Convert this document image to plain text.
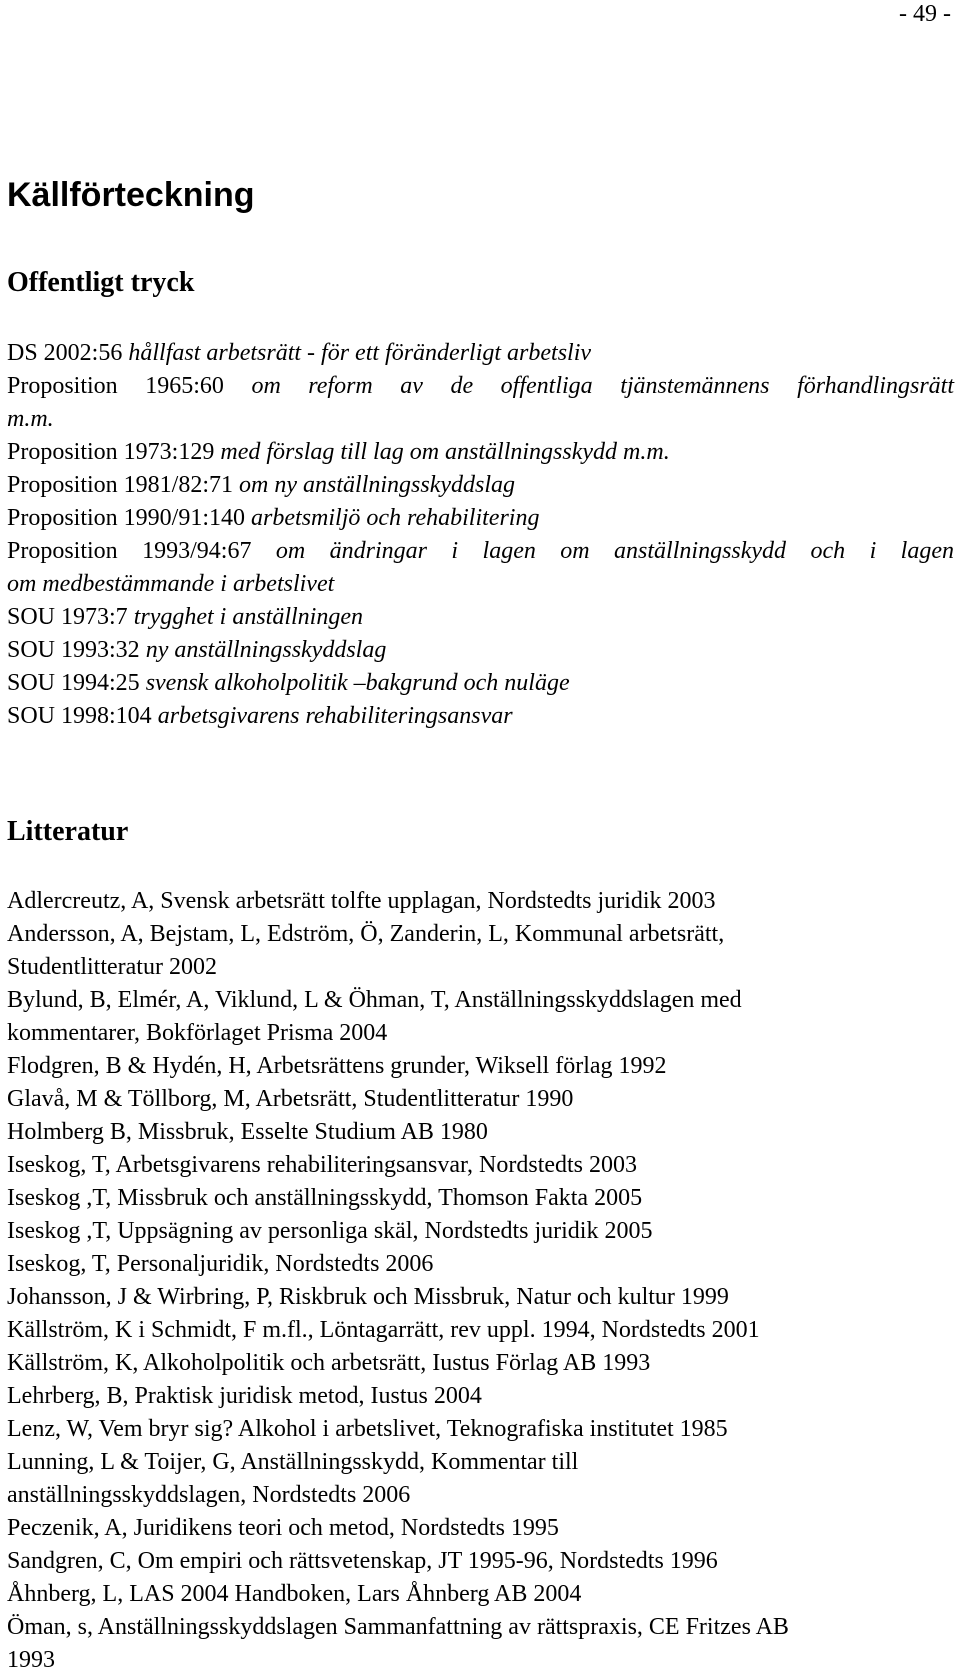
- 49 -
Källförteckning
Offentligt tryck
DS 2002:56 hållfast arbetsrätt - för ett föränderligt arbetsliv
Proposition 1965:60 om reform av de offentliga tjänstemännens förhandlingsrätt
m.m.
Proposition 1973:129 med förslag till lag om anställningsskydd m.m.
Proposition 1981/82:71 om ny anställningsskyddslag
Proposition 1990/91:140 arbetsmiljö och rehabilitering
Proposition 1993/94:67 om ändringar i lagen om anställningsskydd och i lagen
om medbestämmande i arbetslivet
SOU 1973:7 trygghet i anställningen
SOU 1993:32 ny anställningsskyddslag
SOU 1994:25 svensk alkoholpolitik –bakgrund och nuläge
SOU 1998:104 arbetsgivarens rehabiliteringsansvar
Litteratur
Adlercreutz, A, Svensk arbetsrätt tolfte upplagan, Nordstedts juridik 2003
Andersson, A, Bejstam, L, Edström, Ö, Zanderin, L, Kommunal arbetsrätt,
Studentlitteratur 2002
Bylund, B, Elmér, A, Viklund, L & Öhman, T, Anställningsskyddslagen med
kommentarer, Bokförlaget Prisma 2004
Flodgren, B & Hydén, H, Arbetsrättens grunder, Wiksell förlag 1992
Glavå, M & Töllborg, M, Arbetsrätt, Studentlitteratur 1990
Holmberg B, Missbruk, Esselte Studium AB 1980
Iseskog, T, Arbetsgivarens rehabiliteringsansvar, Nordstedts 2003
Iseskog ,T, Missbruk och anställningsskydd, Thomson Fakta 2005
Iseskog ,T, Uppsägning av personliga skäl, Nordstedts juridik 2005
Iseskog, T, Personaljuridik, Nordstedts 2006
Johansson, J & Wirbring, P, Riskbruk och Missbruk, Natur och kultur 1999
Källström, K i Schmidt, F m.fl., Löntagarrätt, rev uppl. 1994, Nordstedts 2001
Källström, K, Alkoholpolitik och arbetsrätt, Iustus Förlag AB 1993
Lehrberg, B, Praktisk juridisk metod, Iustus 2004
Lenz, W, Vem bryr sig? Alkohol i arbetslivet, Teknografiska institutet 1985
Lunning, L & Toijer, G, Anställningsskydd, Kommentar till
anställningsskyddslagen, Nordstedts 2006
Peczenik, A, Juridikens teori och metod, Nordstedts 1995
Sandgren, C, Om empiri och rättsvetenskap, JT 1995-96, Nordstedts 1996
Åhnberg, L, LAS 2004 Handboken, Lars Åhnberg AB 2004
Öman, s, Anställningsskyddslagen Sammanfattning av rättspraxis, CE Fritzes AB
1993
